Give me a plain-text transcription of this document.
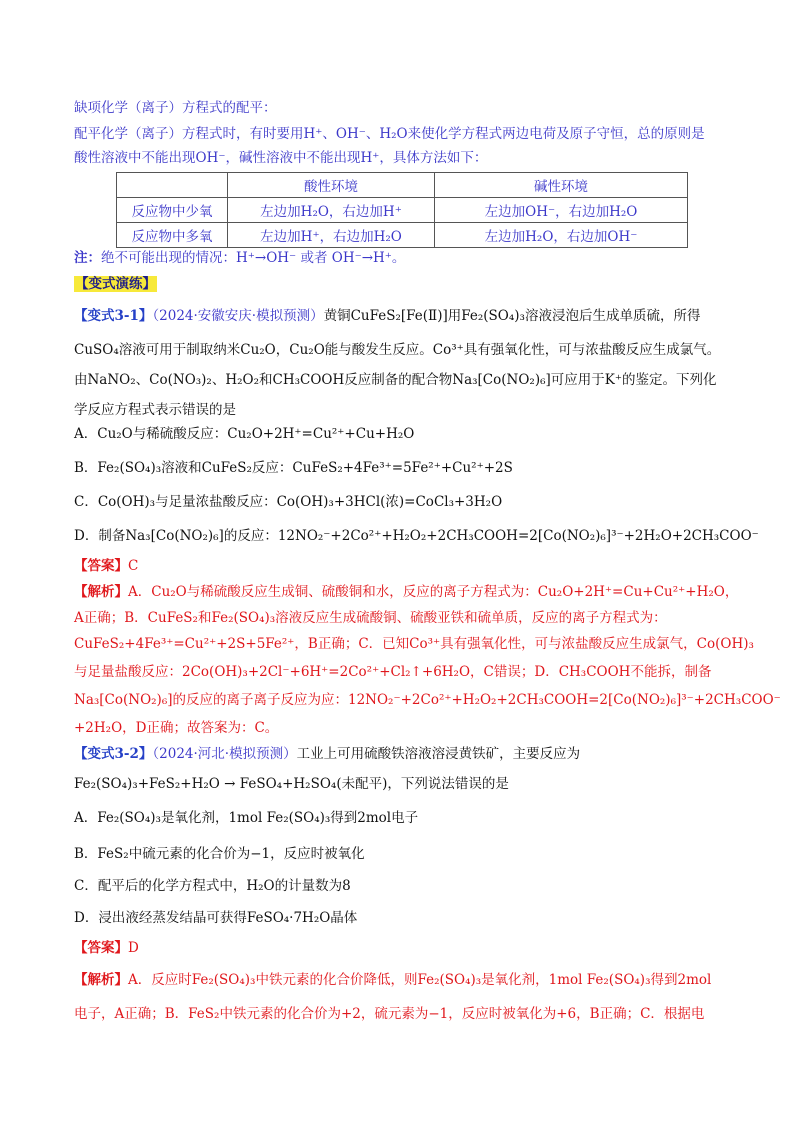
缺项化学（离子）方程式的配平：
配平化学（离子）方程式时，有时要用H⁺、OH⁻、H₂O来使化学方程式两边电荷及原子守恒，总的原则是
酸性溶液中不能出现OH⁻，碱性溶液中不能出现H⁺，具体方法如下：
	酸性环境	碱性环境
反应物中少氧	左边加H₂O，右边加H⁺	左边加OH⁻，右边加H₂O
反应物中多氧	左边加H⁺，右边加H₂O	左边加H₂O，右边加OH⁻
注：绝不可能出现的情况：H⁺→OH⁻ 或者 OH⁻→H⁺。
【变式演练】
【变式3-1】（2024·安徽安庆·模拟预测）黄铜CuFeS₂[Fe(Ⅱ)]用Fe₂(SO₄)₃溶液浸泡后生成单质硫，所得
CuSO₄溶液可用于制取纳米Cu₂O，Cu₂O能与酸发生反应。Co³⁺具有强氧化性，可与浓盐酸反应生成氯气。
由NaNO₂、Co(NO₃)₂、H₂O₂和CH₃COOH反应制备的配合物Na₃[Co(NO₂)₆]可应用于K⁺的鉴定。下列化
学反应方程式表示错误的是
A．Cu₂O与稀硫酸反应：Cu₂O+2H⁺=Cu²⁺+Cu+H₂O
B．Fe₂(SO₄)₃溶液和CuFeS₂反应：CuFeS₂+4Fe³⁺=5Fe²⁺+Cu²⁺+2S
C．Co(OH)₃与足量浓盐酸反应：Co(OH)₃+3HCl(浓)=CoCl₃+3H₂O
D．制备Na₃[Co(NO₂)₆]的反应：12NO₂⁻+2Co²⁺+H₂O₂+2CH₃COOH=2[Co(NO₂)₆]³⁻+2H₂O+2CH₃COO⁻
【答案】C
【解析】A．Cu₂O与稀硫酸反应生成铜、硫酸铜和水，反应的离子方程式为：Cu₂O+2H⁺=Cu+Cu²⁺+H₂O，
A正确；B．CuFeS₂和Fe₂(SO₄)₃溶液反应生成硫酸铜、硫酸亚铁和硫单质，反应的离子方程式为：
CuFeS₂+4Fe³⁺=Cu²⁺+2S+5Fe²⁺，B正确；C．已知Co³⁺具有强氧化性，可与浓盐酸反应生成氯气，Co(OH)₃
与足量盐酸反应：2Co(OH)₃+2Cl⁻+6H⁺=2Co²⁺+Cl₂↑+6H₂O，C错误；D．CH₃COOH不能拆，制备
Na₃[Co(NO₂)₆]的反应的离子离子反应为应：12NO₂⁻+2Co²⁺+H₂O₂+2CH₃COOH=2[Co(NO₂)₆]³⁻+2CH₃COO⁻
+2H₂O，D正确；故答案为：C。
【变式3-2】（2024·河北·模拟预测）工业上可用硫酸铁溶液溶浸黄铁矿，主要反应为
Fe₂(SO₄)₃+FeS₂+H₂O → FeSO₄+H₂SO₄(未配平)，下列说法错误的是
A．Fe₂(SO₄)₃是氧化剂，1mol Fe₂(SO₄)₃得到2mol电子
B．FeS₂中硫元素的化合价为−1，反应时被氧化
C．配平后的化学方程式中，H₂O的计量数为8
D．浸出液经蒸发结晶可获得FeSO₄·7H₂O晶体
【答案】D
【解析】A．反应时Fe₂(SO₄)₃中铁元素的化合价降低，则Fe₂(SO₄)₃是氧化剂，1mol Fe₂(SO₄)₃得到2mol
电子，A正确；B．FeS₂中铁元素的化合价为+2，硫元素为−1，反应时被氧化为+6，B正确；C．根据电
